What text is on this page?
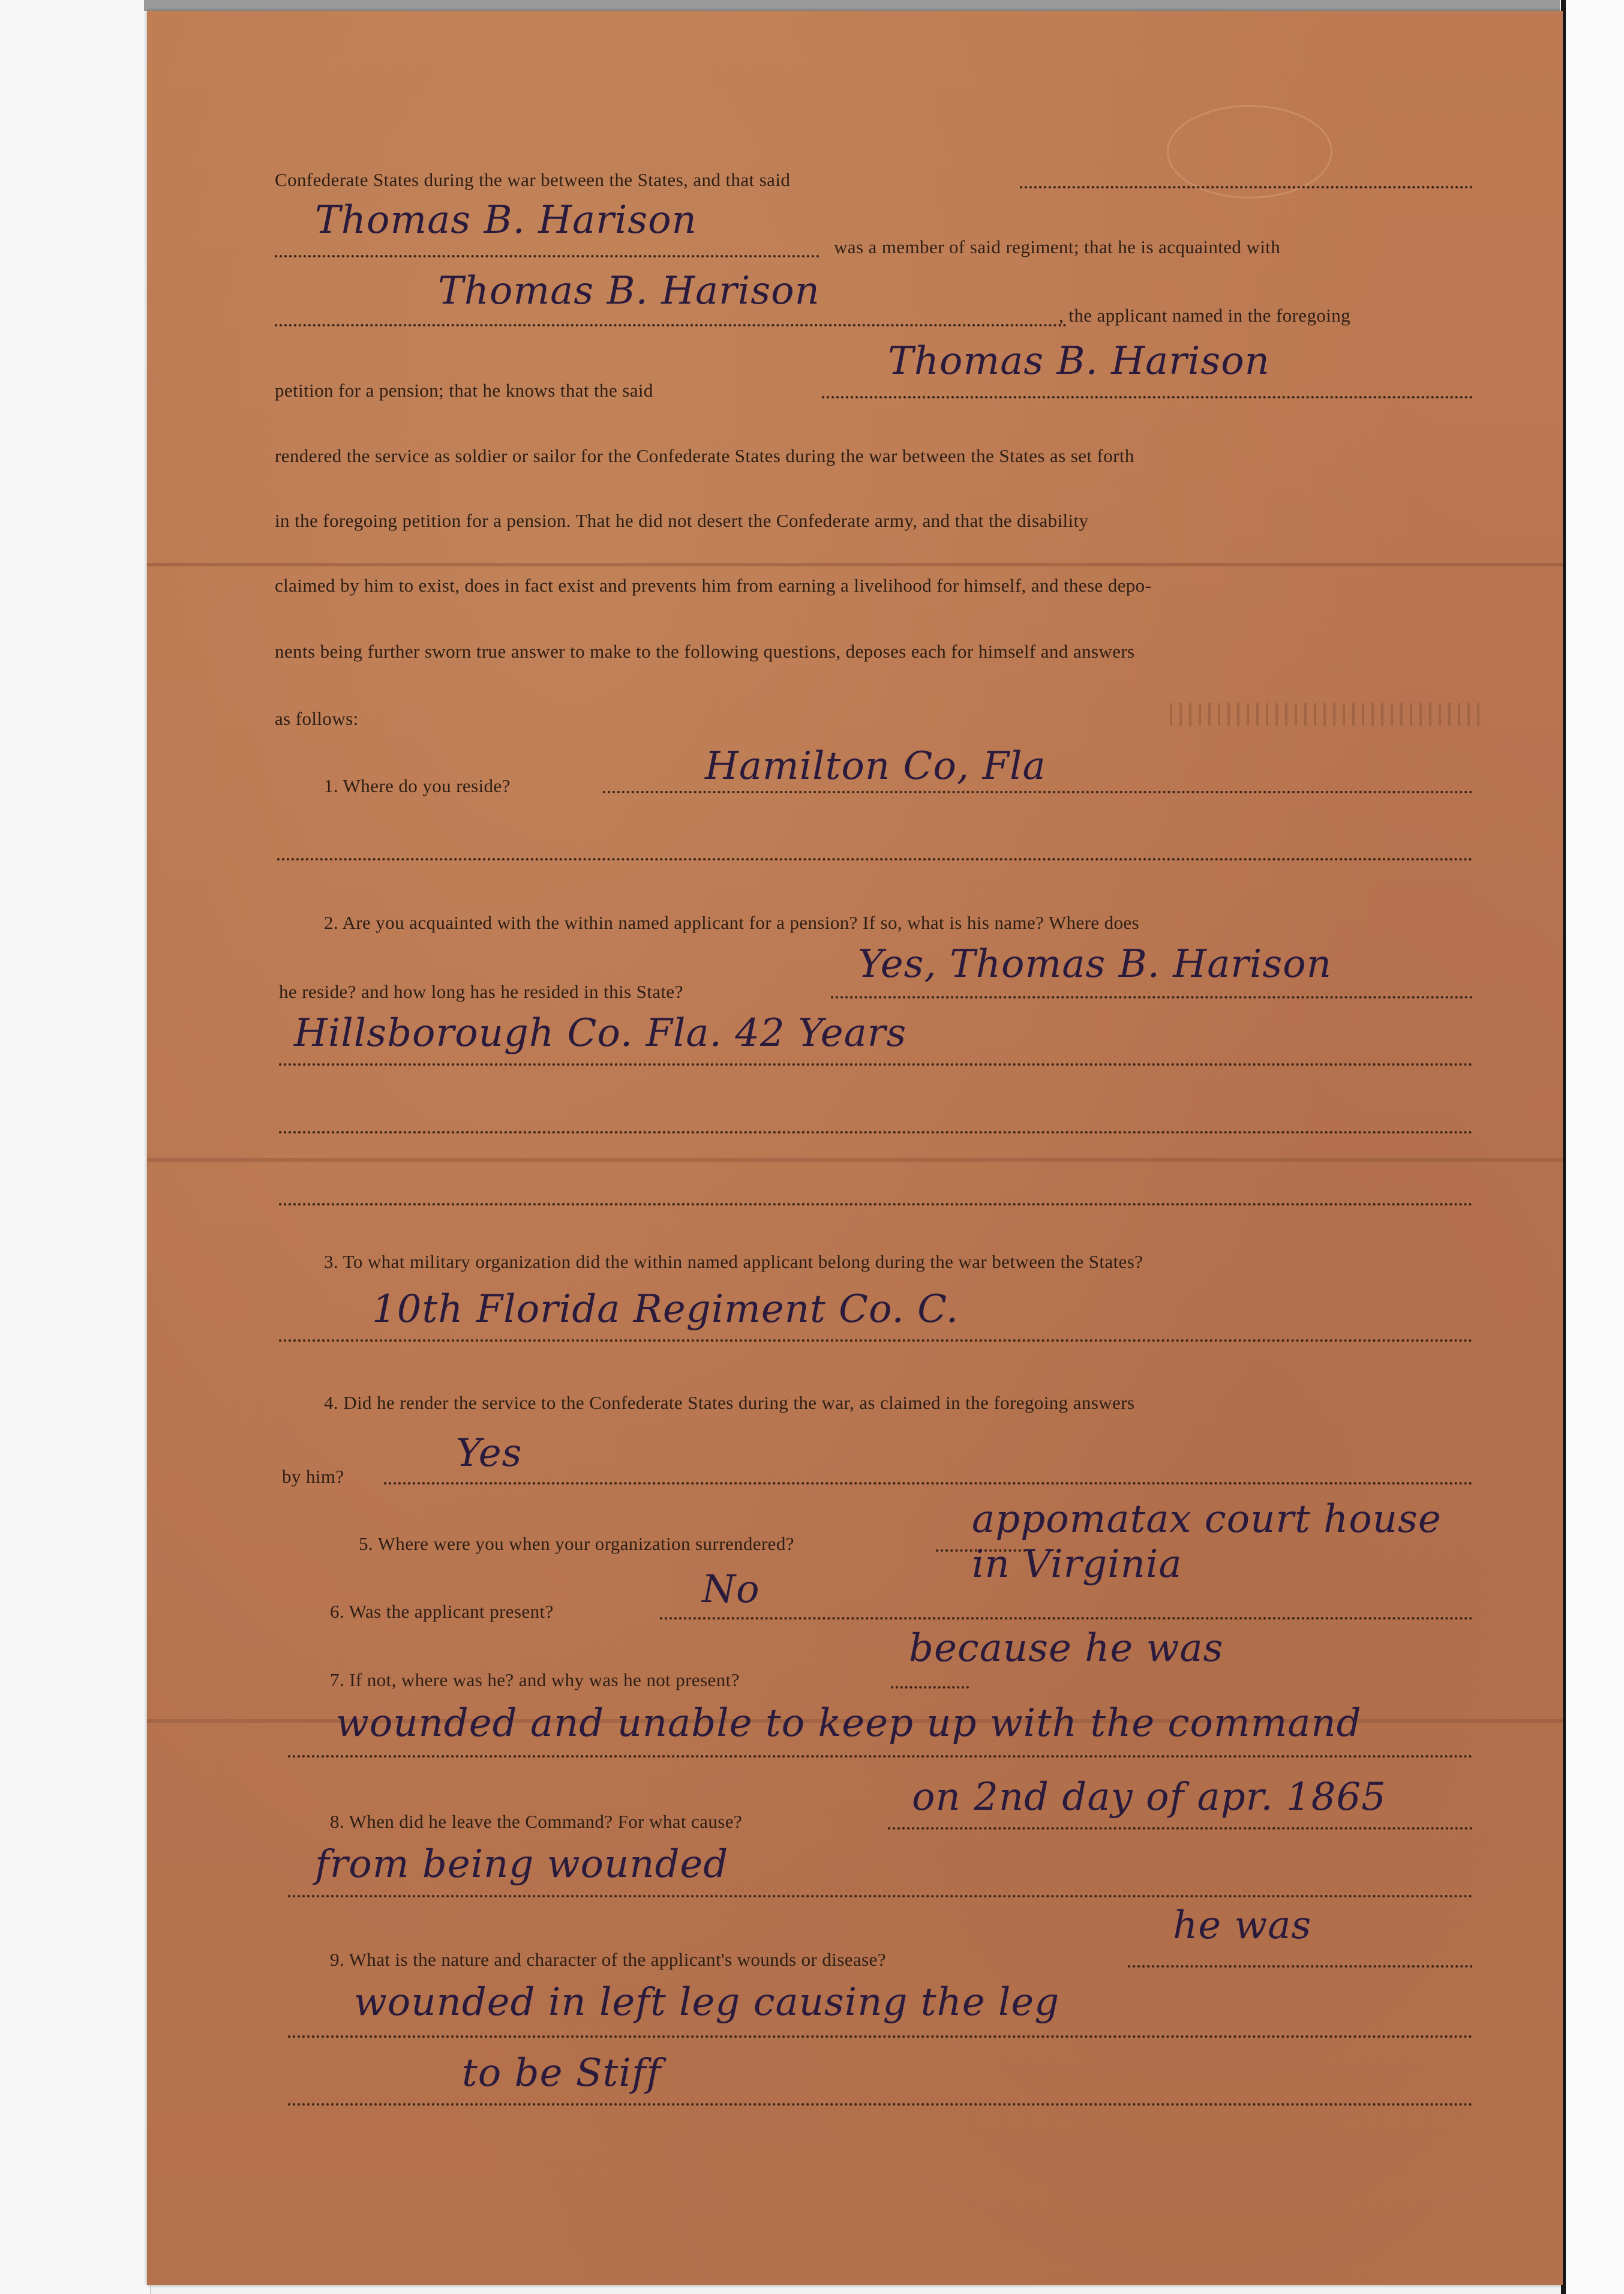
Confederate States during the war between the States, and that said
Thomas B. Harison
was a member of said regiment; that he is acquainted with
Thomas B. Harison
, the applicant named in the foregoing
petition for a pension; that he knows that the said
Thomas B. Harison
rendered the service as soldier or sailor for the Confederate States during the war between the States as set forth
in the foregoing petition for a pension. That he did not desert the Confederate army, and that the disability
claimed by him to exist, does in fact exist and prevents him from earning a livelihood for himself, and these depo-
nents being further sworn true answer to make to the following questions, deposes each for himself and answers
as follows:
1. Where do you reside?	Hamilton Co, Fla
2. Are you acquainted with the within named applicant for a pension? If so, what is his name? Where does
he reside? and how long has he resided in this State?
Yes, Thomas B. Harison
Hillsborough Co. Fla. 42 Years
3. To what military organization did the within named applicant belong during the war between the States?
10th Florida Regiment Co. C.
4. Did he render the service to the Confederate States during the war, as claimed in the foregoing answers
by him?
Yes
5. Where were you when your organization surrendered?
appomatax court house
in Virginia
6. Was the applicant present?	No
7. If not, where was he? and why was he not present?
because he was
wounded and unable to keep up with the command
8. When did he leave the Command? For what cause?
on 2nd day of apr. 1865
from being wounded
9. What is the nature and character of the applicant's wounds or disease?
he was
wounded in left leg causing the leg
to be Stiff
